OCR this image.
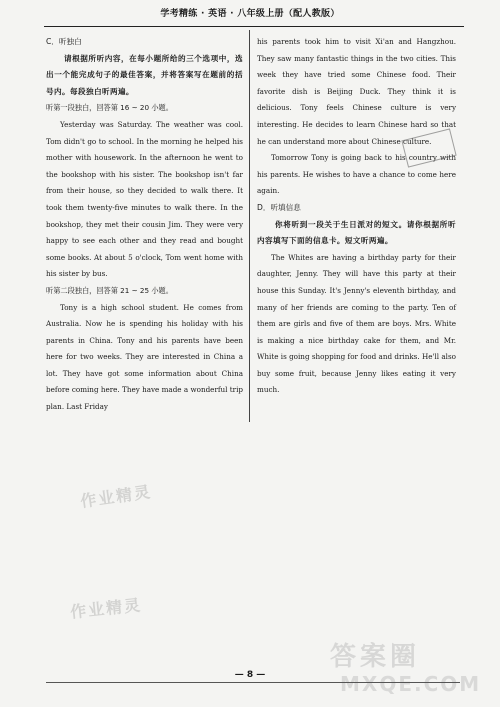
学考精练 · 英语 · 八年级上册（配人教版）

C．听独白

请根据所听内容，在每小题所给的三个选项中，选出一个能完成句子的最佳答案，并将答案写在题前的括号内。每段独白听两遍。

听第一段独白，回答第 16 ~ 20 小题。

Yesterday was Saturday. The weather was cool. Tom didn't go to school. In the morning he helped his mother with housework. In the afternoon he went to the bookshop with his sister. The bookshop isn't far from their house, so they decided to walk there. It took them twenty-five minutes to walk there. In the bookshop, they met their cousin Jim. They were very happy to see each other and they read and bought some books. At about 5 o'clock, Tom went home with his sister by bus.

听第二段独白，回答第 21 ~ 25 小题。

Tony is a high school student. He comes from Australia. Now he is spending his holiday with his parents in China. Tony and his parents have been here for two weeks. They are interested in China a lot. They have got some information about China before coming here. They have made a wonderful trip plan. Last Friday

his parents took him to visit Xi'an and Hangzhou. They saw many fantastic things in the two cities. This week they have tried some Chinese food. Their favorite dish is Beijing Duck. They think it is delicious. Tony feels Chinese culture is very interesting. He decides to learn Chinese hard so that he can understand more about Chinese culture.

Tomorrow Tony is going back to his country with his parents. He wishes to have a chance to come here again.

D．听填信息

你将听到一段关于生日派对的短文。请你根据所听内容填写下面的信息卡。短文听两遍。

The Whites are having a birthday party for their daughter, Jenny. They will have this party at their house this Sunday. It's Jenny's eleventh birthday, and many of her friends are coming to the party. Ten of them are girls and five of them are boys. Mrs. White is making a nice birthday cake for them, and Mr. White is going shopping for food and drinks. He'll also buy some fruit, because Jenny likes eating it very much.

作业精灵
作业精灵
答案圈
MXQE.COM
— 8 —
